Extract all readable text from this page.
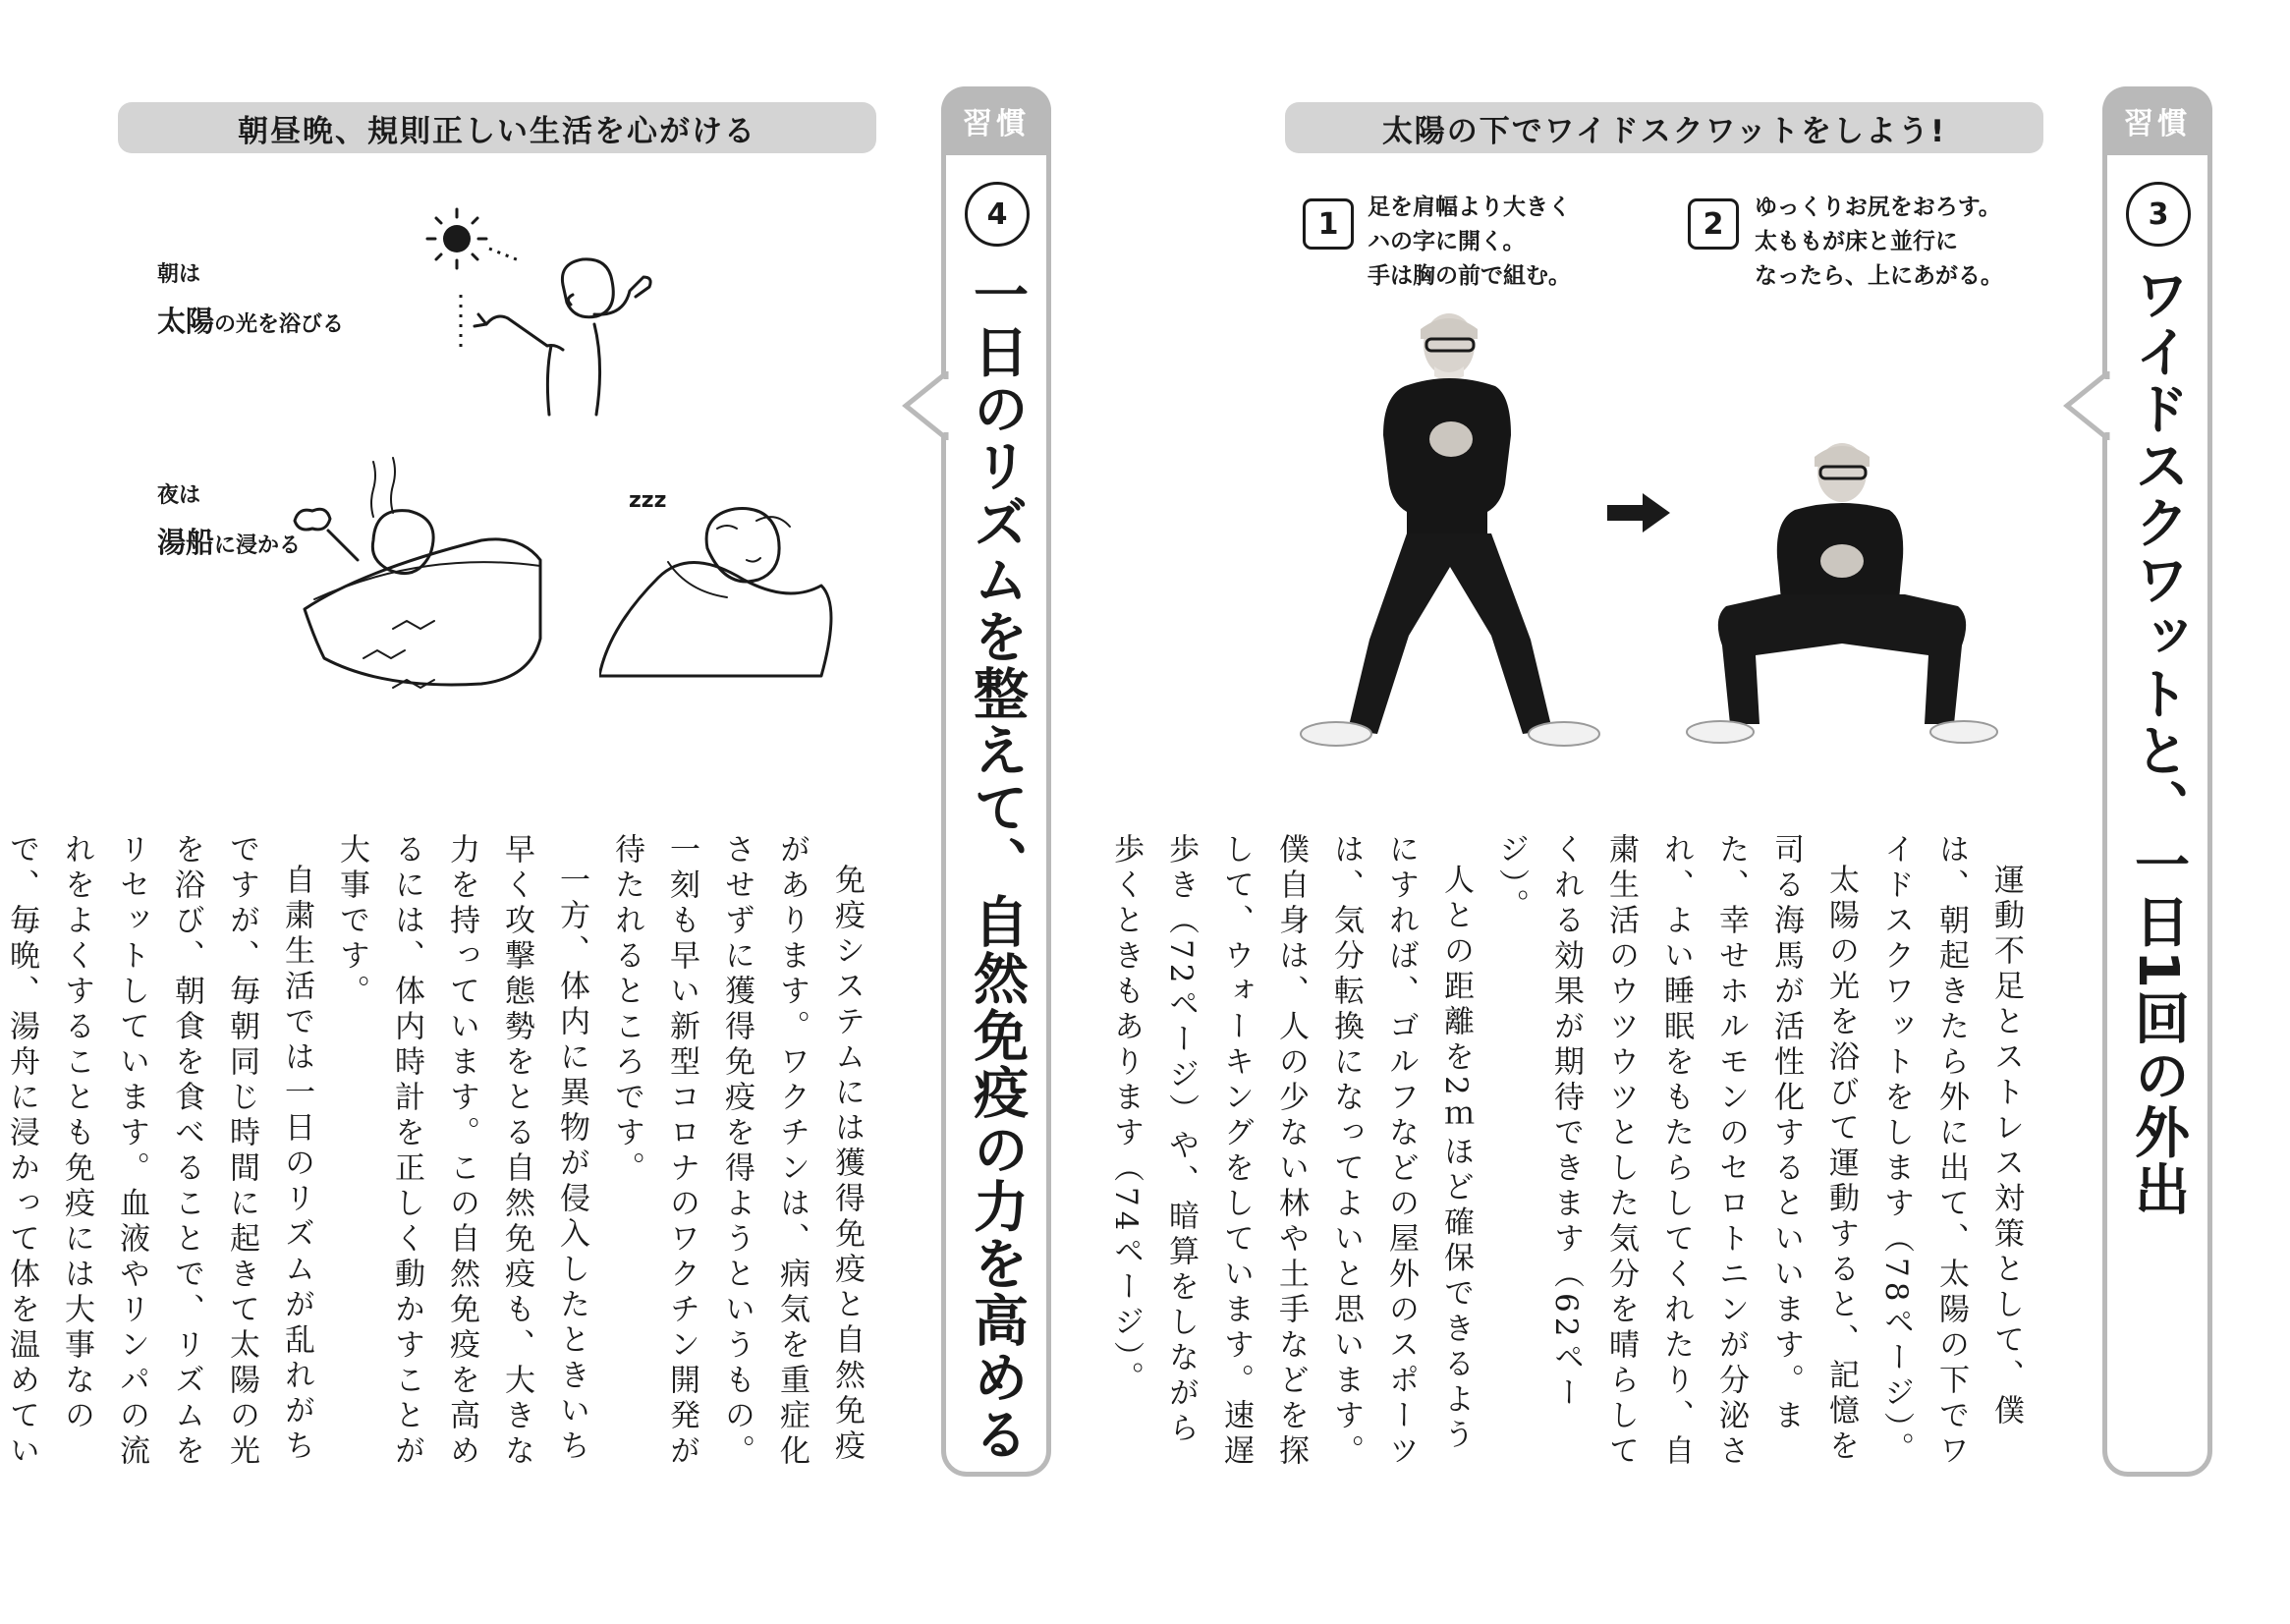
朝昼晩、規則正しい生活を心がける	習慣
4
一日のリズムを整えて、自然免疫の力を高める
朝は
太陽の光を浴びる
夜は
湯船に浸かる
zzz

免疫システムには獲得免疫と自然免疫があります。ワクチンは、病気を重症化させずに獲得免疫を得ようというもの。一刻も早い新型コロナのワクチン開発が待たれるところです。

一方、体内に異物が侵入したときいち早く攻撃態勢をとる自然免疫も、大きな力を持っています。この自然免疫を高めるには、体内時計を正しく動かすことが大事です。

自粛生活では一日のリズムが乱れがちですが、毎朝同じ時間に起きて太陽の光を浴び、朝食を食べることで、リズムをリセットしています。血液やリンパの流れをよくすることも免疫には大事なので、毎晩、湯舟に浸かって体を温めてい

太陽の下でワイドスクワットをしよう!	習慣
3
ワイドスクワットと、一日1回の外出
1	足を肩幅より大きく
ハの字に開く。
手は胸の前で組む。
2	ゆっくりお尻をおろす。
太ももが床と並行に
なったら、上にあがる。

運動不足とストレス対策として、僕は、朝起きたら外に出て、太陽の下でワイドスクワットをします（78ページ）。

太陽の光を浴びて運動すると、記憶を司る海馬が活性化するといいます。また、幸せホルモンのセロトニンが分泌され、よい睡眠をもたらしてくれたり、自粛生活のウツウツとした気分を晴らしてくれる効果が期待できます（62ページ）。

人との距離を2ｍほど確保できるようにすれば、ゴルフなどの屋外のスポーツは、気分転換になってよいと思います。僕自身は、人の少ない林や土手などを探して、ウォーキングをしています。速遅歩き（72ページ）や、暗算をしながら歩くときもあります（74ページ）。
